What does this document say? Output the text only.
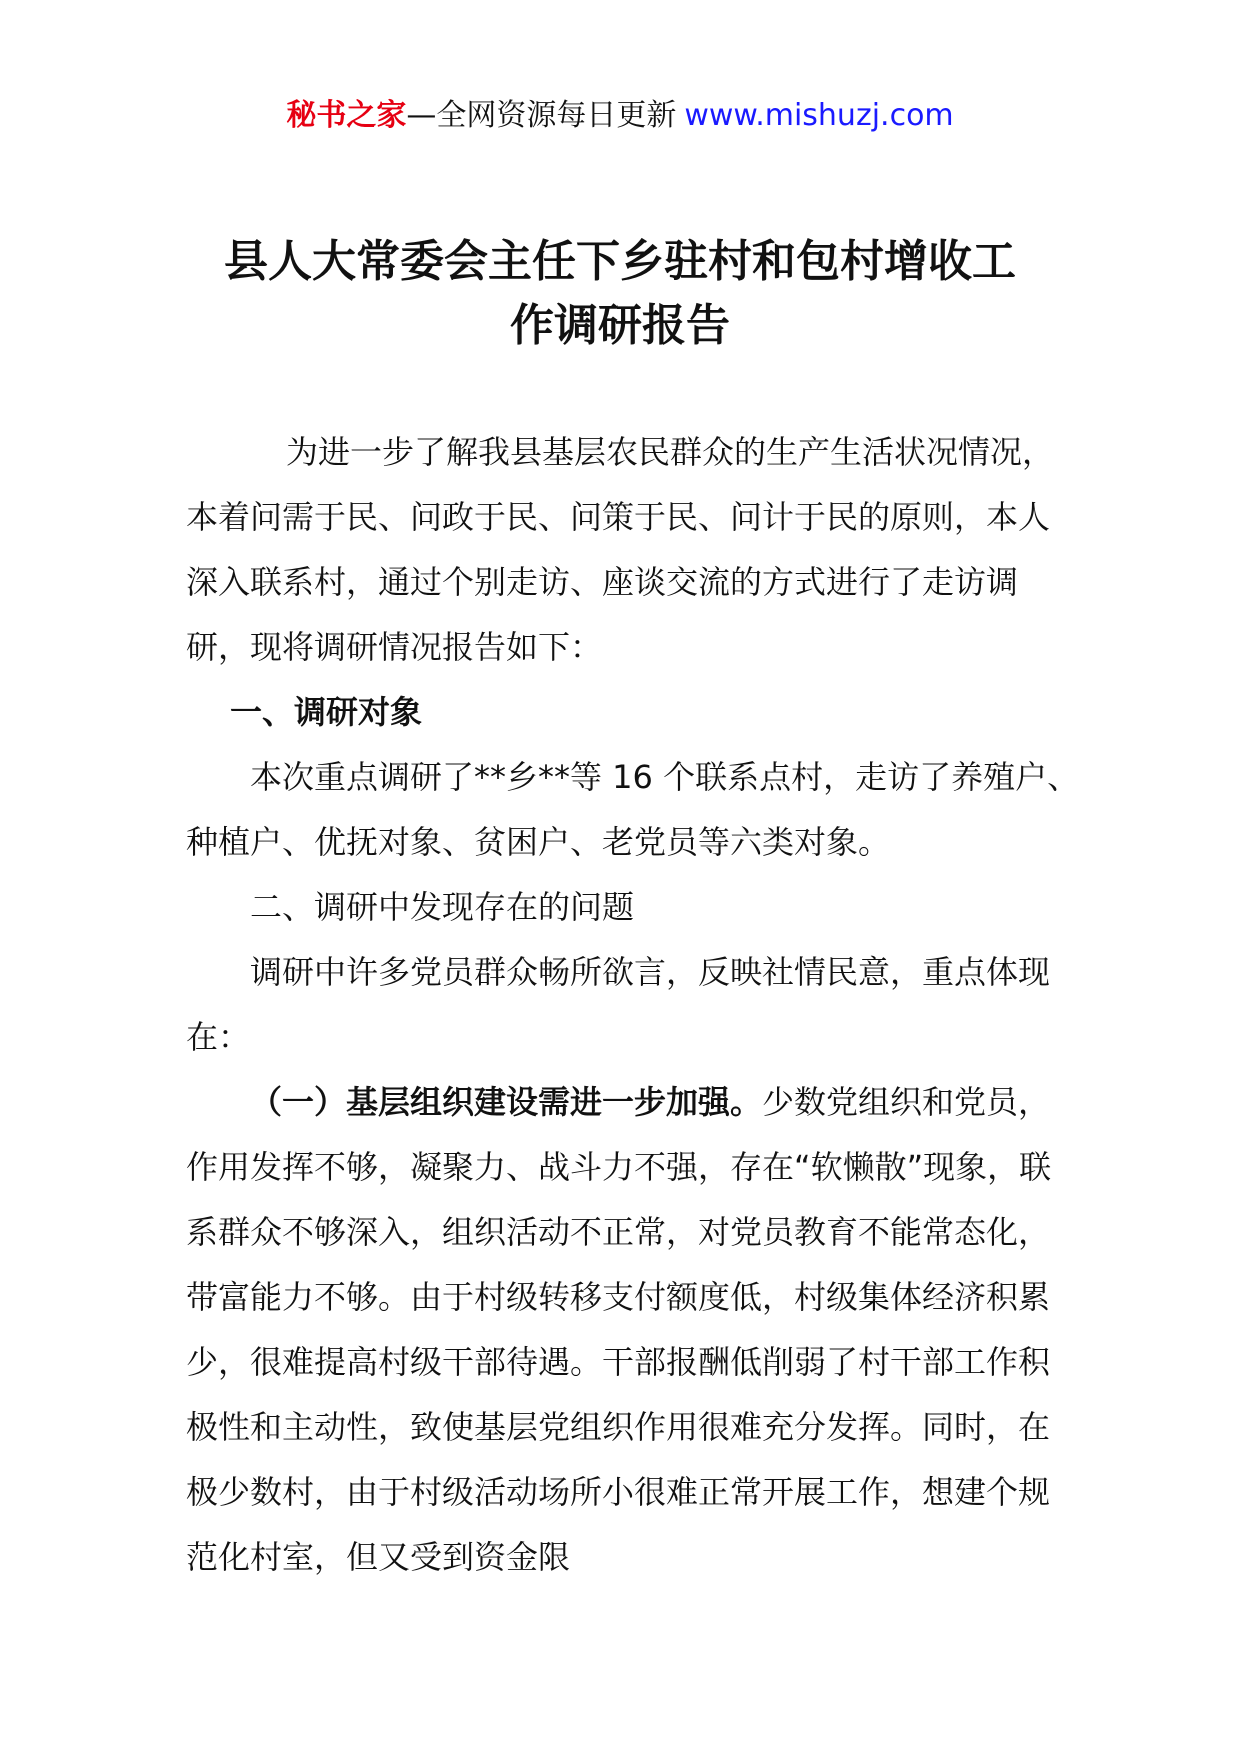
秘书之家—全网资源每日更新 www.mishuzj.com
县人大常委会主任下乡驻村和包村增收工
作调研报告

为进一步了解我县基层农民群众的生产生活状况情况，本着问需于民、问政于民、问策于民、问计于民的原则，本人深入联系村，通过个别走访、座谈交流的方式进行了走访调研，现将调研情况报告如下：

一、调研对象

本次重点调研了**乡**等 16 个联系点村，走访了养殖户、

种植户、优抚对象、贫困户、老党员等六类对象。

二、调研中发现存在的问题

调研中许多党员群众畅所欲言，反映社情民意，重点体现在：

（一）基层组织建设需进一步加强。少数党组织和党员，作用发挥不够，凝聚力、战斗力不强，存在“软懒散”现象，联系群众不够深入，组织活动不正常，对党员教育不能常态化，带富能力不够。由于村级转移支付额度低，村级集体经济积累少，很难提高村级干部待遇。干部报酬低削弱了村干部工作积极性和主动性，致使基层党组织作用很难充分发挥。同时，在极少数村，由于村级活动场所小很难正常开展工作，想建个规范化村室，但又受到资金限
